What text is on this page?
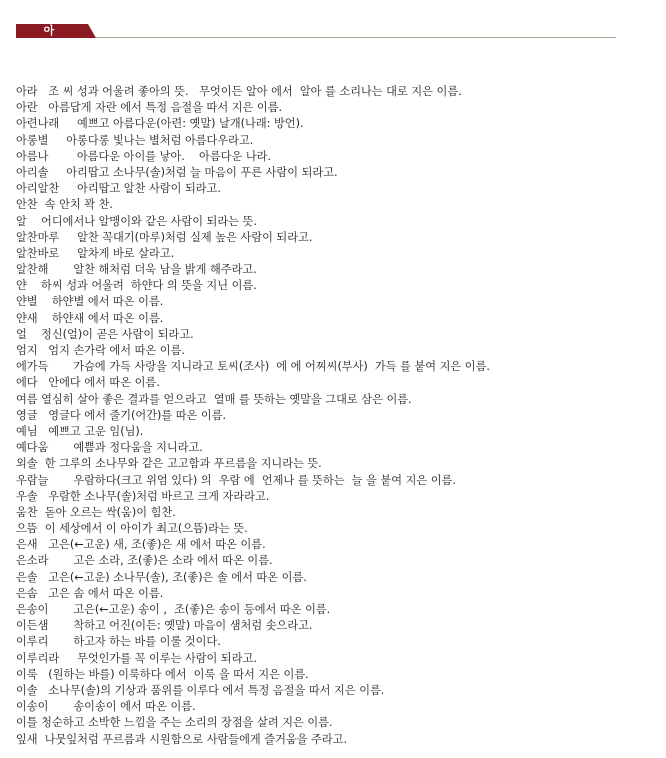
아
아라   조 씨 성과 어울려 좋아의 뜻.   무엇이든 알아 에서  알아 를 소리나는 대로 지은 이름.
아란   아름답게 자란 에서 특정 음절을 따서 지은 이름.
아련나래     예쁘고 아름다운(아련: 옛말) 날개(나래: 방언).
아롱별     아롱다롱 빛나는 별처럼 아름다우라고.
아름나        아름다운 아이를 낳아.    아름다운 나라.
아리솔     아리땁고 소나무(솔)처럼 늘 마음이 푸른 사람이 되라고.
아리알찬     아리땁고 알찬 사람이 되라고.
안찬  속 안치 꽉 찬.
알    어디에서나 알맹이와 같은 사람이 되라는 뜻.
알찬마루     알찬 꼭대기(마루)처럼 실제 높은 사람이 되라고.
알찬바로     알차게 바로 살라고.
알찬해       알찬 해처럼 더욱 남을 밝게 해주라고.
얀    하씨 성과 어울려  하얀다 의 뜻을 지닌 이름.
얀별    하얀별 에서 따온 이름.
얀새    하얀새 에서 따온 이름.
얼    정신(얼)이 곧은 사람이 되라고.
엄지   엄지 손가락 에서 따온 이름.
에가득       가슴에 가득 사랑을 지니라고 토씨(조사)  에 에 어찌씨(부사)  가득 를 붙여 지은 이름.
에다   안에다 에서 따온 이름.
여름 열심히 살아 좋은 결과를 얻으라고  열매 를 뜻하는 옛말을 그대로 삼은 이름.
영글   영글다 에서 줄기(어간)를 따온 이름.
예님   예쁘고 고운 임(님).
예다움       예쁨과 정다움을 지니라고.
외솔  한 그루의 소나무와 같은 고고함과 푸르름을 지니라는 뜻.
우람늘       우람하다(크고 위엄 있다) 의  우람 에  언제나 를 뜻하는  늘 을 붙여 지은 이름.
우솔   우람한 소나무(솔)처럼 바르고 크게 자라라고.
움찬  돋아 오르는 싹(움)이 힘찬.
으뜸  이 세상에서 이 아이가 최고(으뜸)라는 뜻.
은새   고은(←고운) 새, 조(좋)은 새 에서 따온 이름.
은소라       고은 소라, 조(좋)은 소라 에서 따온 이름.
은솔   고은(←고운) 소나무(솔), 조(좋)은 솔 에서 따온 이름.
은솜   고은 솜 에서 따온 이름.
은송이       고은(←고운) 송이 ,  조(좋)은 송이 등에서 따온 이름.
이든샘       착하고 어진(이든: 옛말) 마음이 샘처럼 솟으라고.
이루리       하고자 하는 바를 이룰 것이다.
이루리라     무엇인가를 꼭 이루는 사람이 되라고.
이룩   (원하는 바를) 이룩하다 에서  이룩 을 따서 지은 이름.
이솔   소나무(솔)의 기상과 품위를 이루다 에서 특정 음절을 따서 지은 이름.
이송이       송이송이 에서 따온 이름.
이틀 청순하고 소박한 느낌을 주는 소리의 장점을 살려 지은 이름.
잎새  나뭇잎처럼 푸르름과 시원함으로 사람들에게 즐거움을 주라고.
